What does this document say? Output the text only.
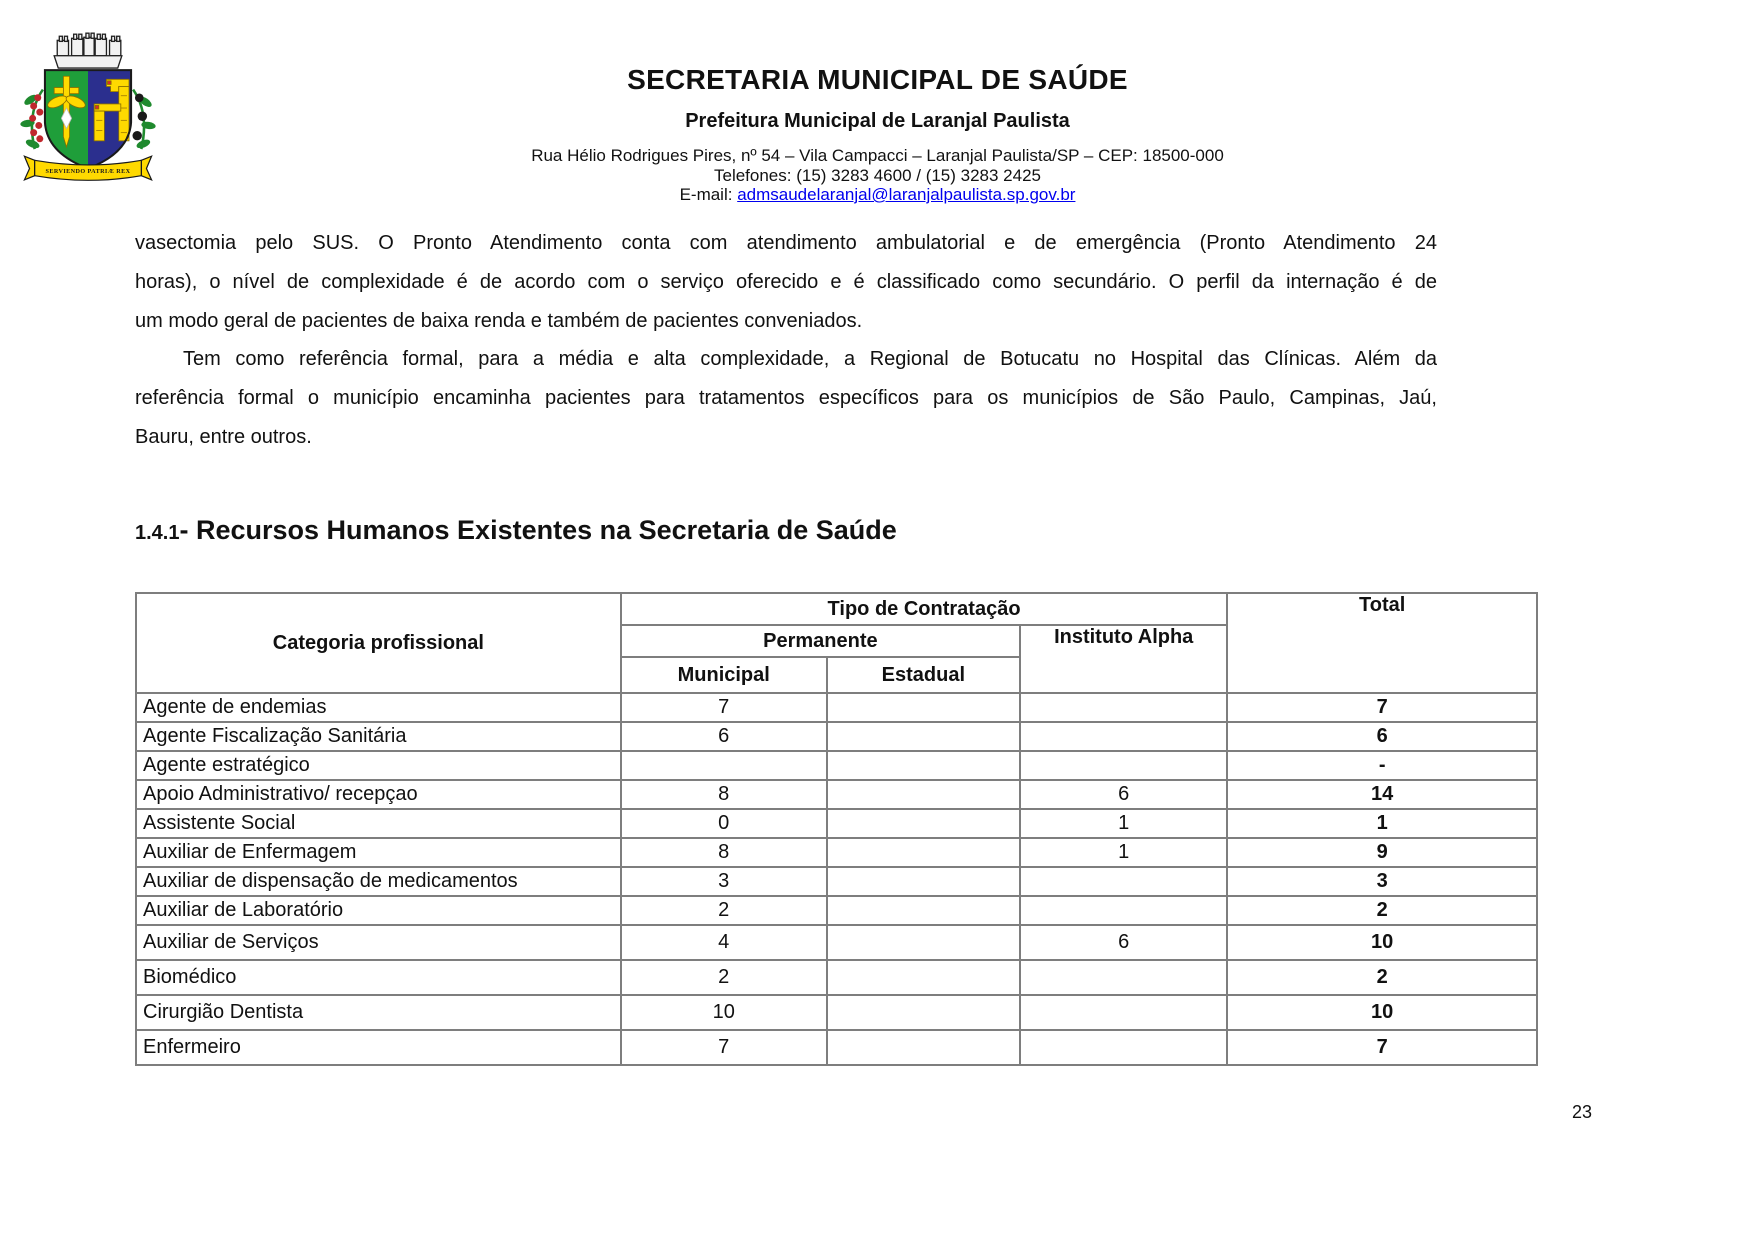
SERVIENDO PATRIÆ REX
SECRETARIA MUNICIPAL DE SAÚDE
Prefeitura Municipal de Laranjal Paulista
Rua Hélio Rodrigues Pires, nº 54 – Vila Campacci – Laranjal Paulista/SP – CEP: 18500-000
Telefones: (15) 3283 4600 / (15) 3283 2425
E-mail: admsaudelaranjal@laranjalpaulista.sp.gov.br
vasectomia pelo SUS. O Pronto Atendimento conta com atendimento ambulatorial e de emergência (Pronto Atendimento 24
horas), o nível de complexidade é de acordo com o serviço oferecido e é classificado como secundário. O perfil da internação é de
um modo geral de pacientes de baixa renda e também de pacientes conveniados.
Tem como referência formal, para a média e alta complexidade, a Regional de Botucatu no Hospital das Clínicas. Além da
referência formal o município encaminha pacientes para tratamentos específicos para os municípios de São Paulo, Campinas, Jaú,
Bauru, entre outros.
1.4.1- Recursos Humanos Existentes na Secretaria de Saúde
Categoria profissional	Tipo de Contratação			Total
	Permanente		Instituto Alpha	
	Municipal	Estadual		
Agente de endemias	7			7
Agente Fiscalização Sanitária	6			6
Agente estratégico				-
Apoio Administrativo/ recepçao	8		6	14
Assistente Social	0		1	1
Auxiliar de Enfermagem	8		1	9
Auxiliar de dispensação de medicamentos	3			3
Auxiliar de Laboratório	2			2
Auxiliar de Serviços	4		6	10
Biomédico	2			2
Cirurgião Dentista	10			10
Enfermeiro	7			7
23
